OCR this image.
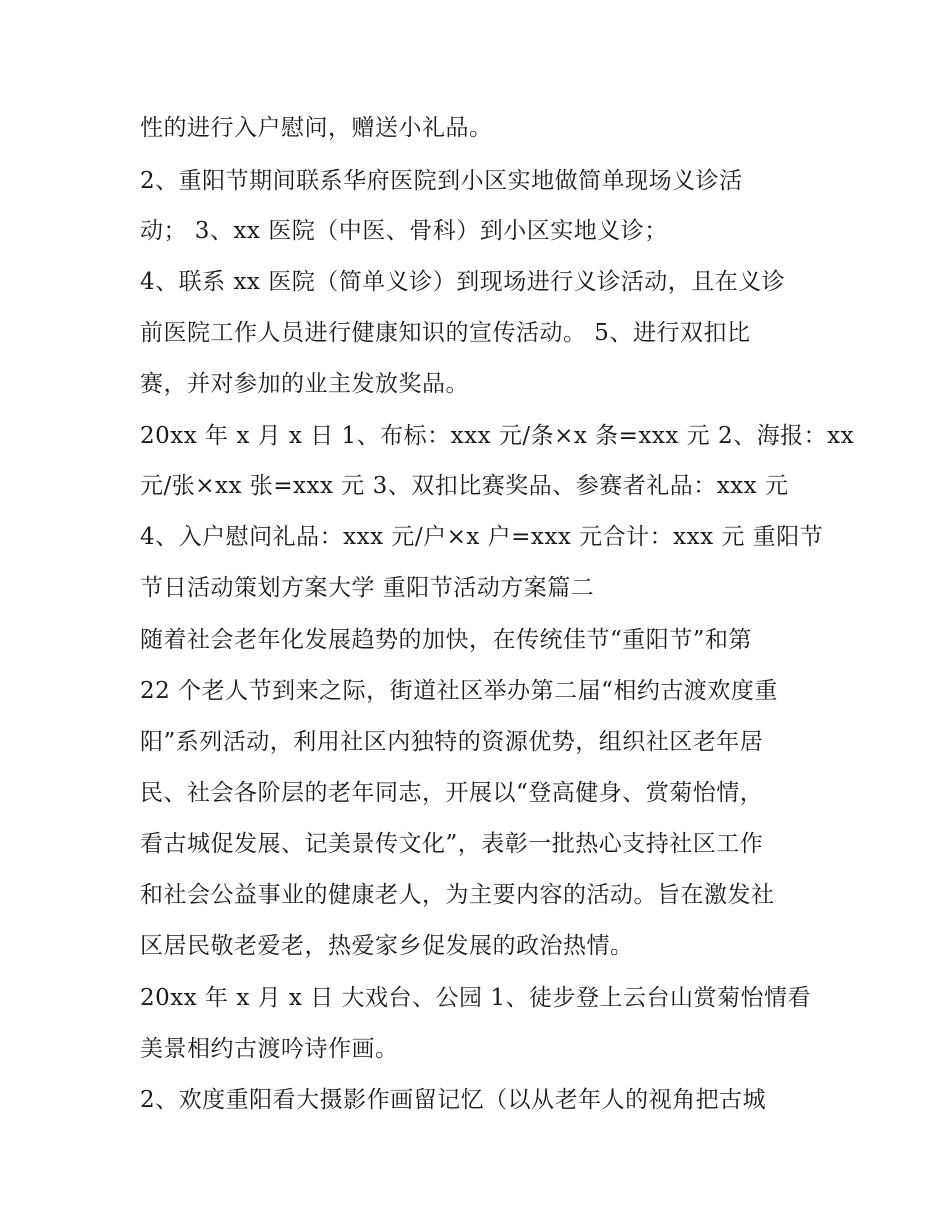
性的进行入户慰问，赠送小礼品。
2、重阳节期间联系华府医院到小区实地做简单现场义诊活
动； 3、xx 医院（中医、骨科）到小区实地义诊；
4、联系 xx 医院（简单义诊）到现场进行义诊活动，且在义诊
前医院工作人员进行健康知识的宣传活动。 5、进行双扣比
赛，并对参加的业主发放奖品。
20xx 年 x 月 x 日 1、布标：xxx 元/条×x 条=xxx 元 2、海报：xx
元/张×xx 张=xxx 元 3、双扣比赛奖品、参赛者礼品：xxx 元
4、入户慰问礼品：xxx 元/户×x 户=xxx 元合计：xxx 元 重阳节
节日活动策划方案大学 重阳节活动方案篇二
随着社会老年化发展趋势的加快，在传统佳节“重阳节”和第
22 个老人节到来之际，街道社区举办第二届“相约古渡欢度重
阳”系列活动，利用社区内独特的资源优势，组织社区老年居
民、社会各阶层的老年同志，开展以“登高健身、赏菊怡情，
看古城促发展、记美景传文化”，表彰一批热心支持社区工作
和社会公益事业的健康老人，为主要内容的活动。旨在激发社
区居民敬老爱老，热爱家乡促发展的政治热情。
20xx 年 x 月 x 日 大戏台、公园 1、徒步登上云台山赏菊怡情看
美景相约古渡吟诗作画。
2、欢度重阳看大摄影作画留记忆（以从老年人的视角把古城
